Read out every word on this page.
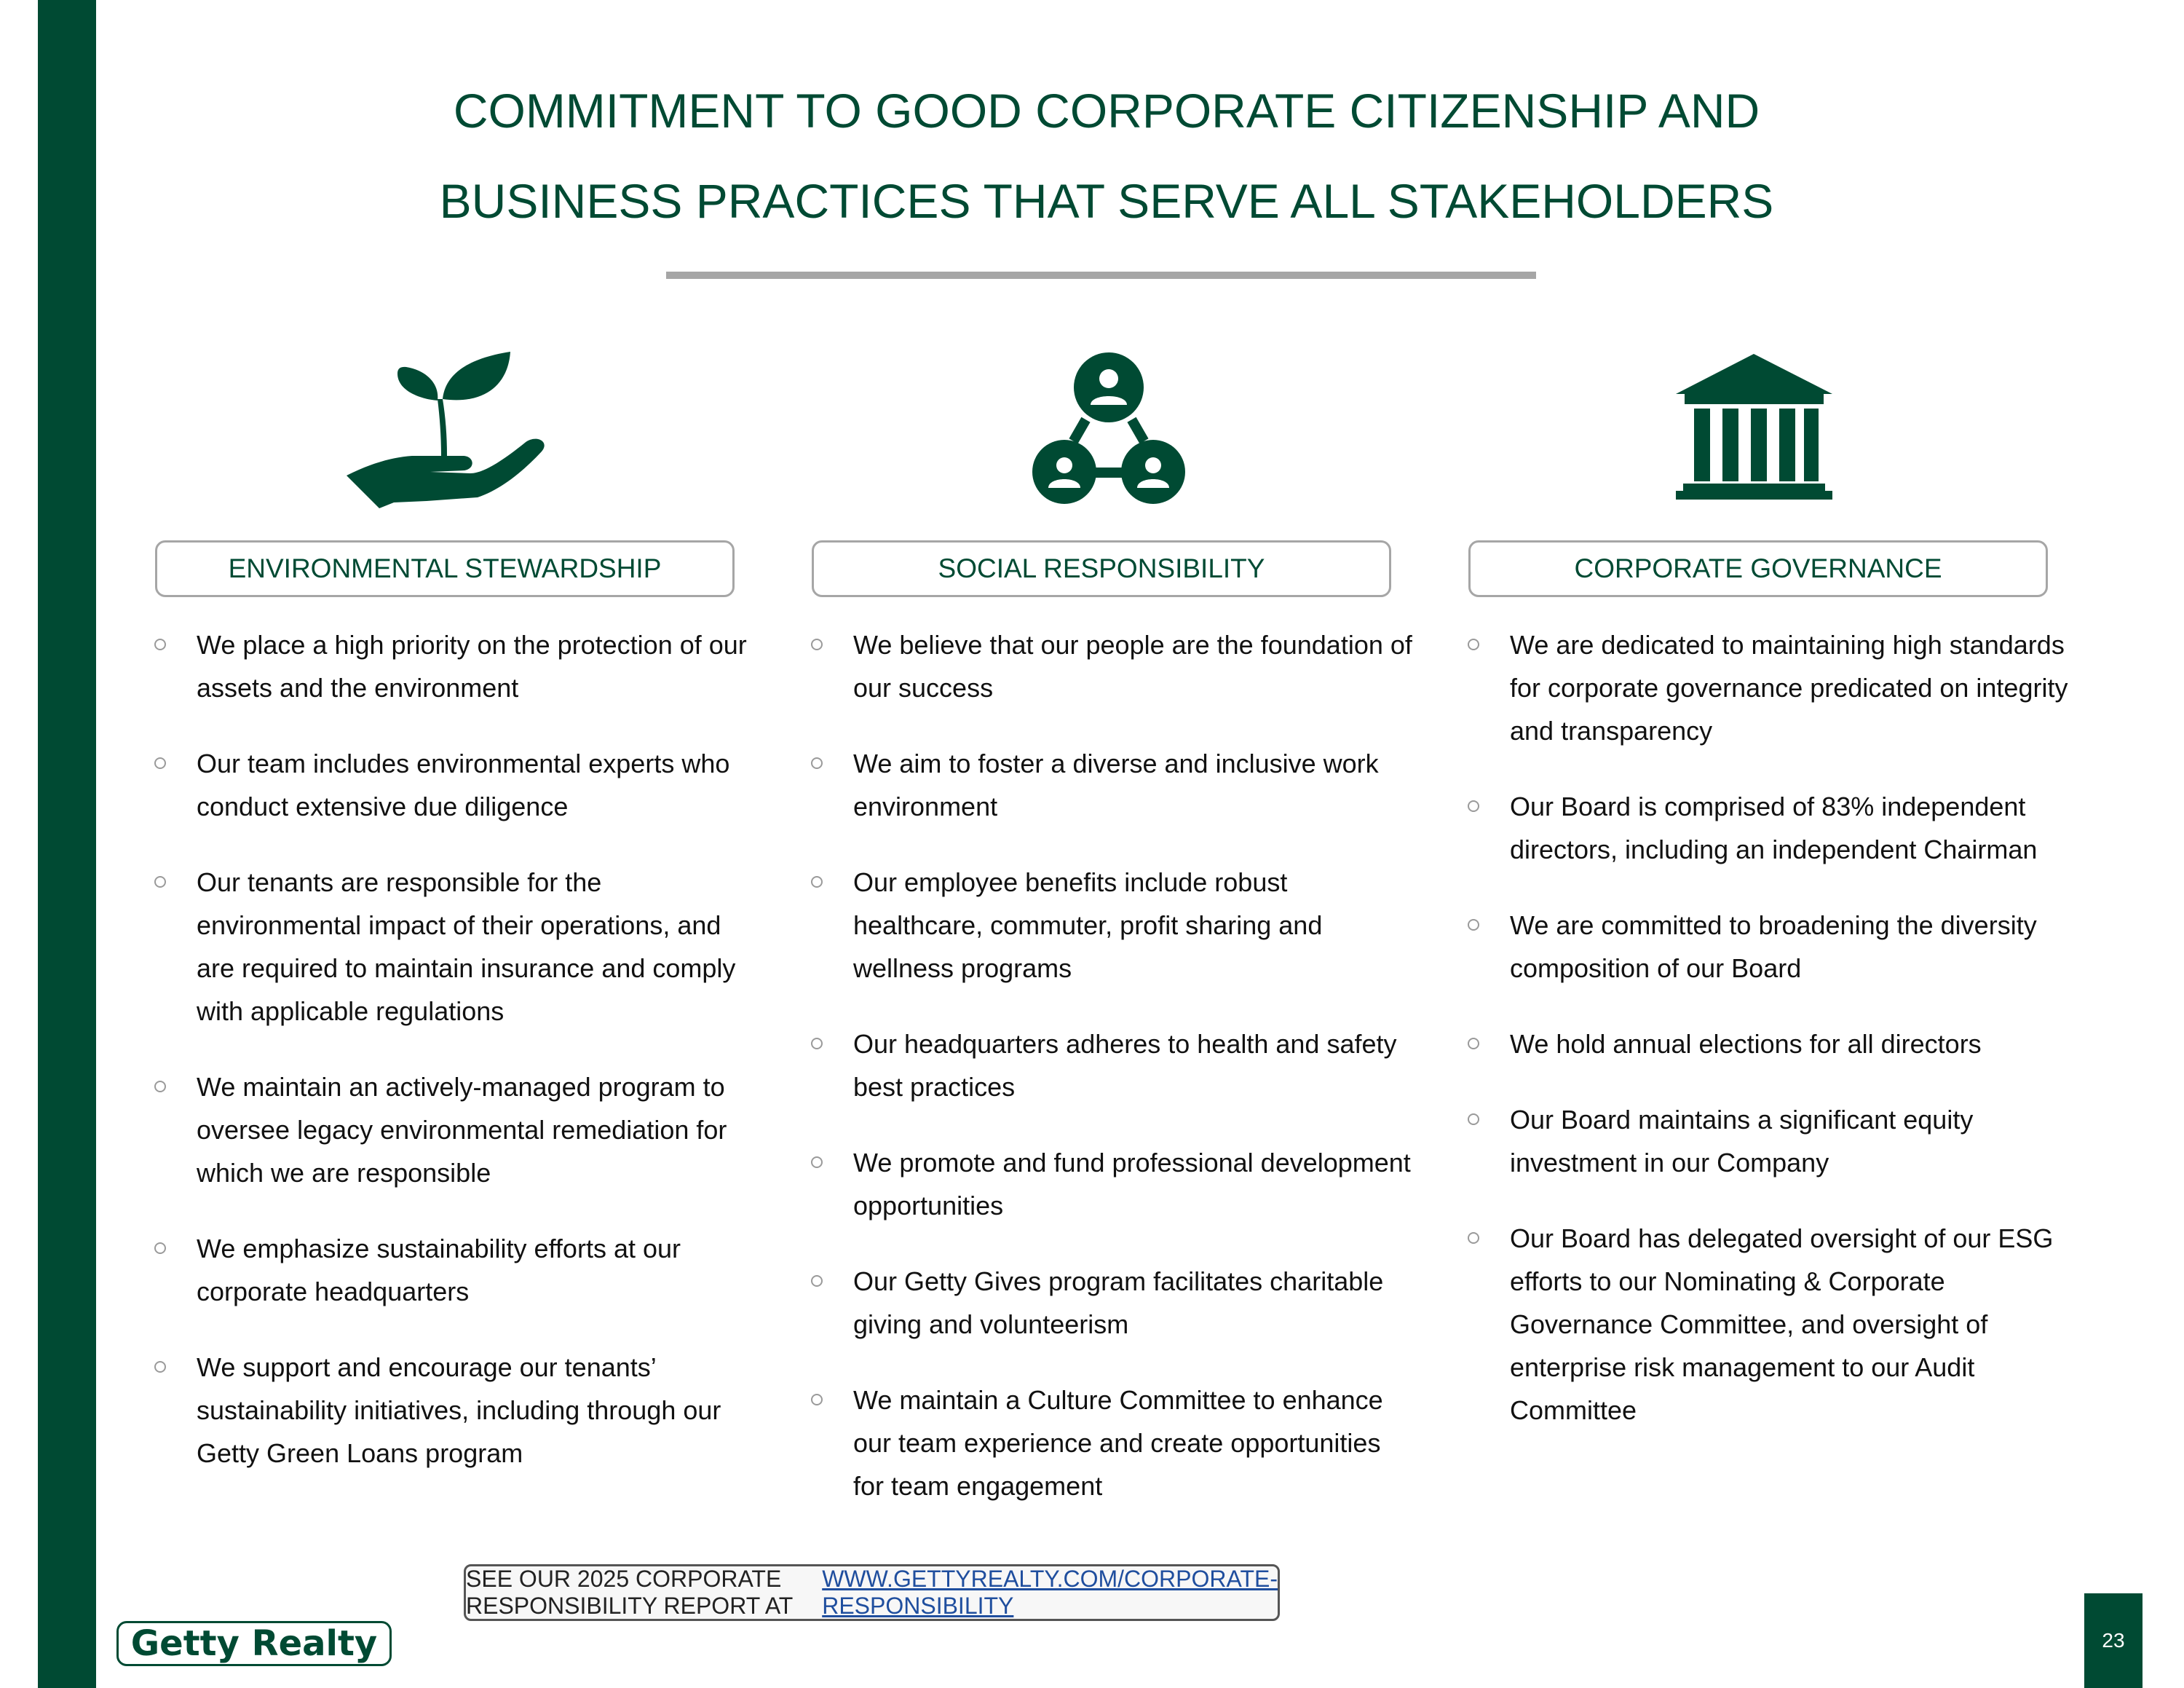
COMMITMENT TO GOOD CORPORATE CITIZENSHIP AND
BUSINESS PRACTICES THAT SERVE ALL STAKEHOLDERS
ENVIRONMENTAL STEWARDSHIP	SOCIAL RESPONSIBILITY	CORPORATE GOVERNANCE
We place a high priority on the protection of our assets and the environment
Our team includes environmental experts who conduct extensive due diligence
Our tenants are responsible for the environmental impact of their operations, and are required to maintain insurance and comply with applicable regulations
We maintain an actively-managed program to oversee legacy environmental remediation for which we are responsible
We emphasize sustainability efforts at our corporate headquarters
We support and encourage our tenants’ sustainability initiatives, including through our Getty Green Loans program
We believe that our people are the foundation of our success
We aim to foster a diverse and inclusive work environment
Our employee benefits include robust healthcare, commuter, profit sharing and wellness programs
Our headquarters adheres to health and safety best practices
We promote and fund professional development opportunities
Our Getty Gives program facilitates charitable giving and volunteerism
We maintain a Culture Committee to enhance our team experience and create opportunities for team engagement
We are dedicated to maintaining high standards for corporate governance predicated on integrity and transparency
Our Board is comprised of 83% independent directors, including an independent Chairman
We are committed to broadening the diversity composition of our Board
We hold annual elections for all directors
Our Board maintains a significant equity investment in our Company
Our Board has delegated oversight of our ESG efforts to our Nominating & Corporate Governance Committee, and oversight of enterprise risk management to our Audit Committee
SEE OUR 2025 CORPORATE RESPONSIBILITY REPORT AT
WWW.GETTYREALTY.COM/CORPORATE-RESPONSIBILITY
Getty Realty	23
